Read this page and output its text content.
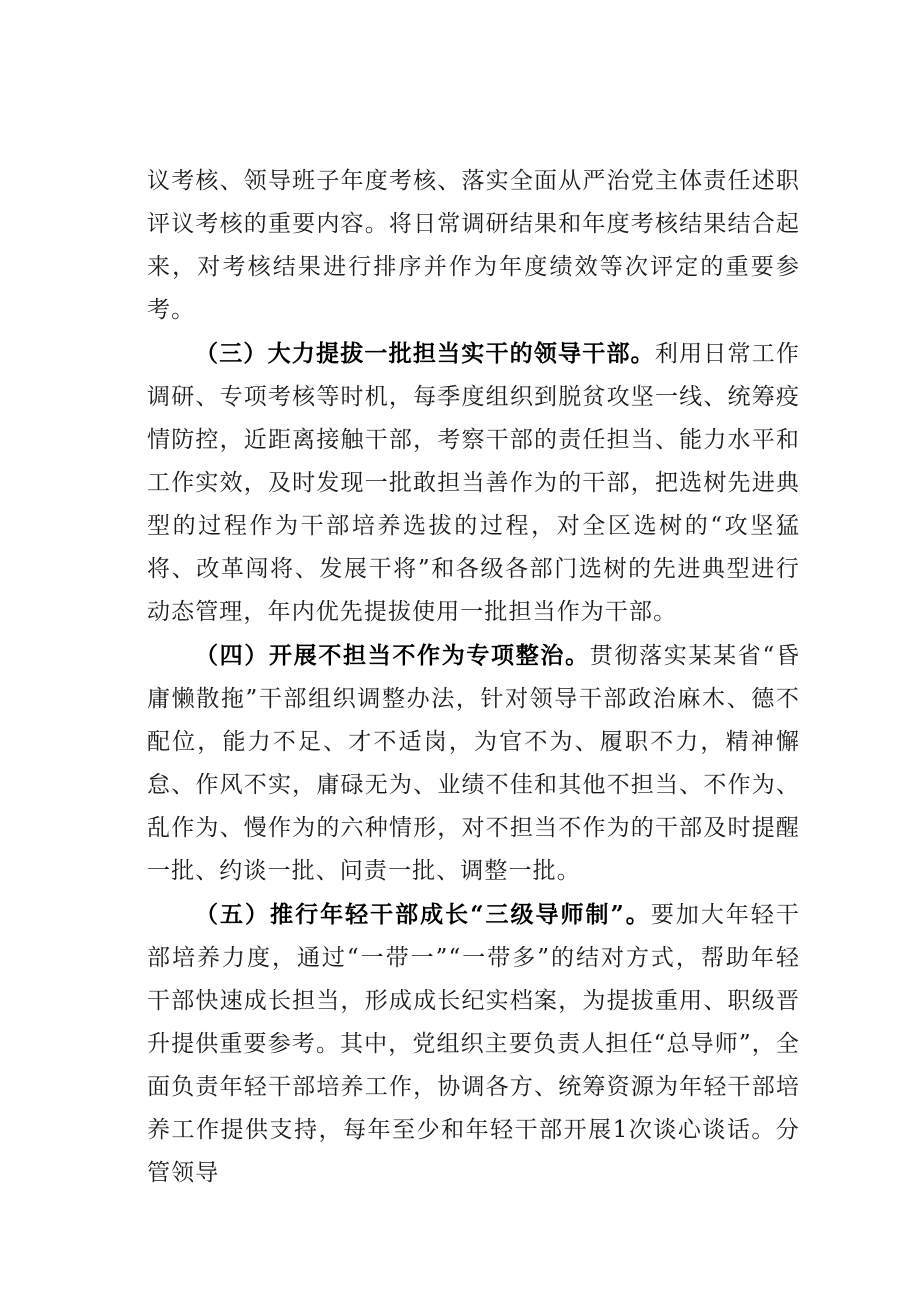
议考核、领导班子年度考核、落实全面从严治党主体责任述职评议考核的重要内容。将日常调研结果和年度考核结果结合起来，对考核结果进行排序并作为年度绩效等次评定的重要参考。

（三）大力提拔一批担当实干的领导干部。利用日常工作调研、专项考核等时机，每季度组织到脱贫攻坚一线、统筹疫情防控，近距离接触干部，考察干部的责任担当、能力水平和工作实效，及时发现一批敢担当善作为的干部，把选树先进典型的过程作为干部培养选拔的过程，对全区选树的“攻坚猛将、改革闯将、发展干将”和各级各部门选树的先进典型进行动态管理，年内优先提拔使用一批担当作为干部。

（四）开展不担当不作为专项整治。贯彻落实某某省“昏庸懒散拖”干部组织调整办法，针对领导干部政治麻木、德不配位，能力不足、才不适岗，为官不为、履职不力，精神懈怠、作风不实，庸碌无为、业绩不佳和其他不担当、不作为、乱作为、慢作为的六种情形，对不担当不作为的干部及时提醒一批、约谈一批、问责一批、调整一批。

（五）推行年轻干部成长“三级导师制”。要加大年轻干部培养力度，通过“一带一”“一带多”的结对方式，帮助年轻干部快速成长担当，形成成长纪实档案，为提拔重用、职级晋升提供重要参考。其中，党组织主要负责人担任“总导师”，全面负责年轻干部培养工作，协调各方、统筹资源为年轻干部培养工作提供支持，每年至少和年轻干部开展1次谈心谈话。分管领导
